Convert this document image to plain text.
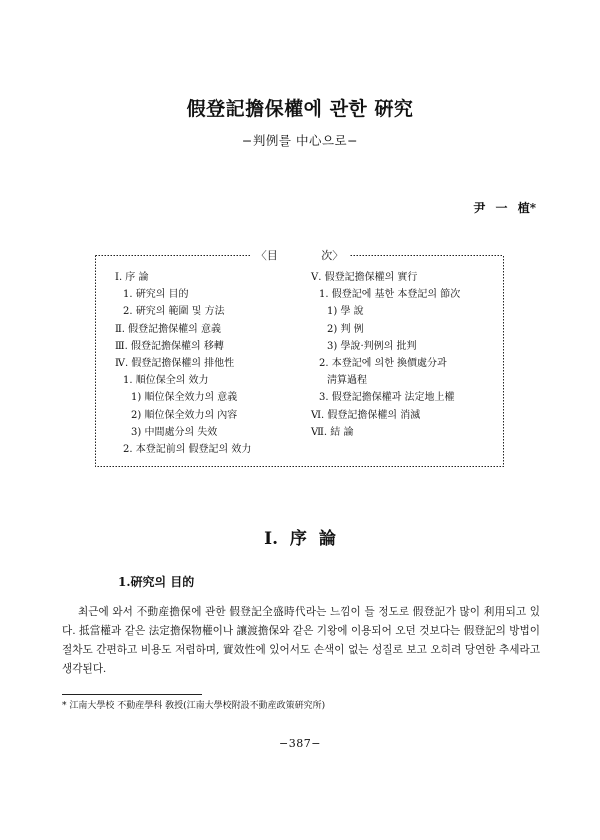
假登記擔保權에 관한 硏究
−判例를 中心으로−
尹 一 植*
〈目 次〉
Ⅰ. 序 論
1. 硏究의 目的
2. 硏究의 範圍 및 方法
Ⅱ. 假登記擔保權의 意義
Ⅲ. 假登記擔保權의 移轉
Ⅳ. 假登記擔保權의 排他性
1. 順位保全의 效力
1) 順位保全效力의 意義
2) 順位保全效力의 內容
3) 中間處分의 失效
2. 本登記前의 假登記의 效力
Ⅴ. 假登記擔保權의 實行
1. 假登記에 基한 本登記의 節次
1) 學 說
2) 判 例
3) 學說·判例의 批判
2. 本登記에 의한 換價處分과
淸算過程
3. 假登記擔保權과 法定地上權
Ⅵ. 假登記擔保權의 消滅
Ⅶ. 結 論
Ⅰ. 序 論
1.硏究의 目的

최근에 와서 不動産擔保에 관한 假登記全盛時代라는 느낌이 들 정도로 假登記가 많이 利用되고 있다. 抵當權과 같은 法定擔保物權이나 讓渡擔保와 같은 기왕에 이용되어 오던 것보다는 假登記의 방법이 절차도 간편하고 비용도 저렴하며, 實效性에 있어서도 손색이 없는 성질로 보고 오히려 당연한 추세라고 생각된다.

* 江南大學校 不動産學科 敎授(江南大學校附設不動産政策硏究所)
−387−
